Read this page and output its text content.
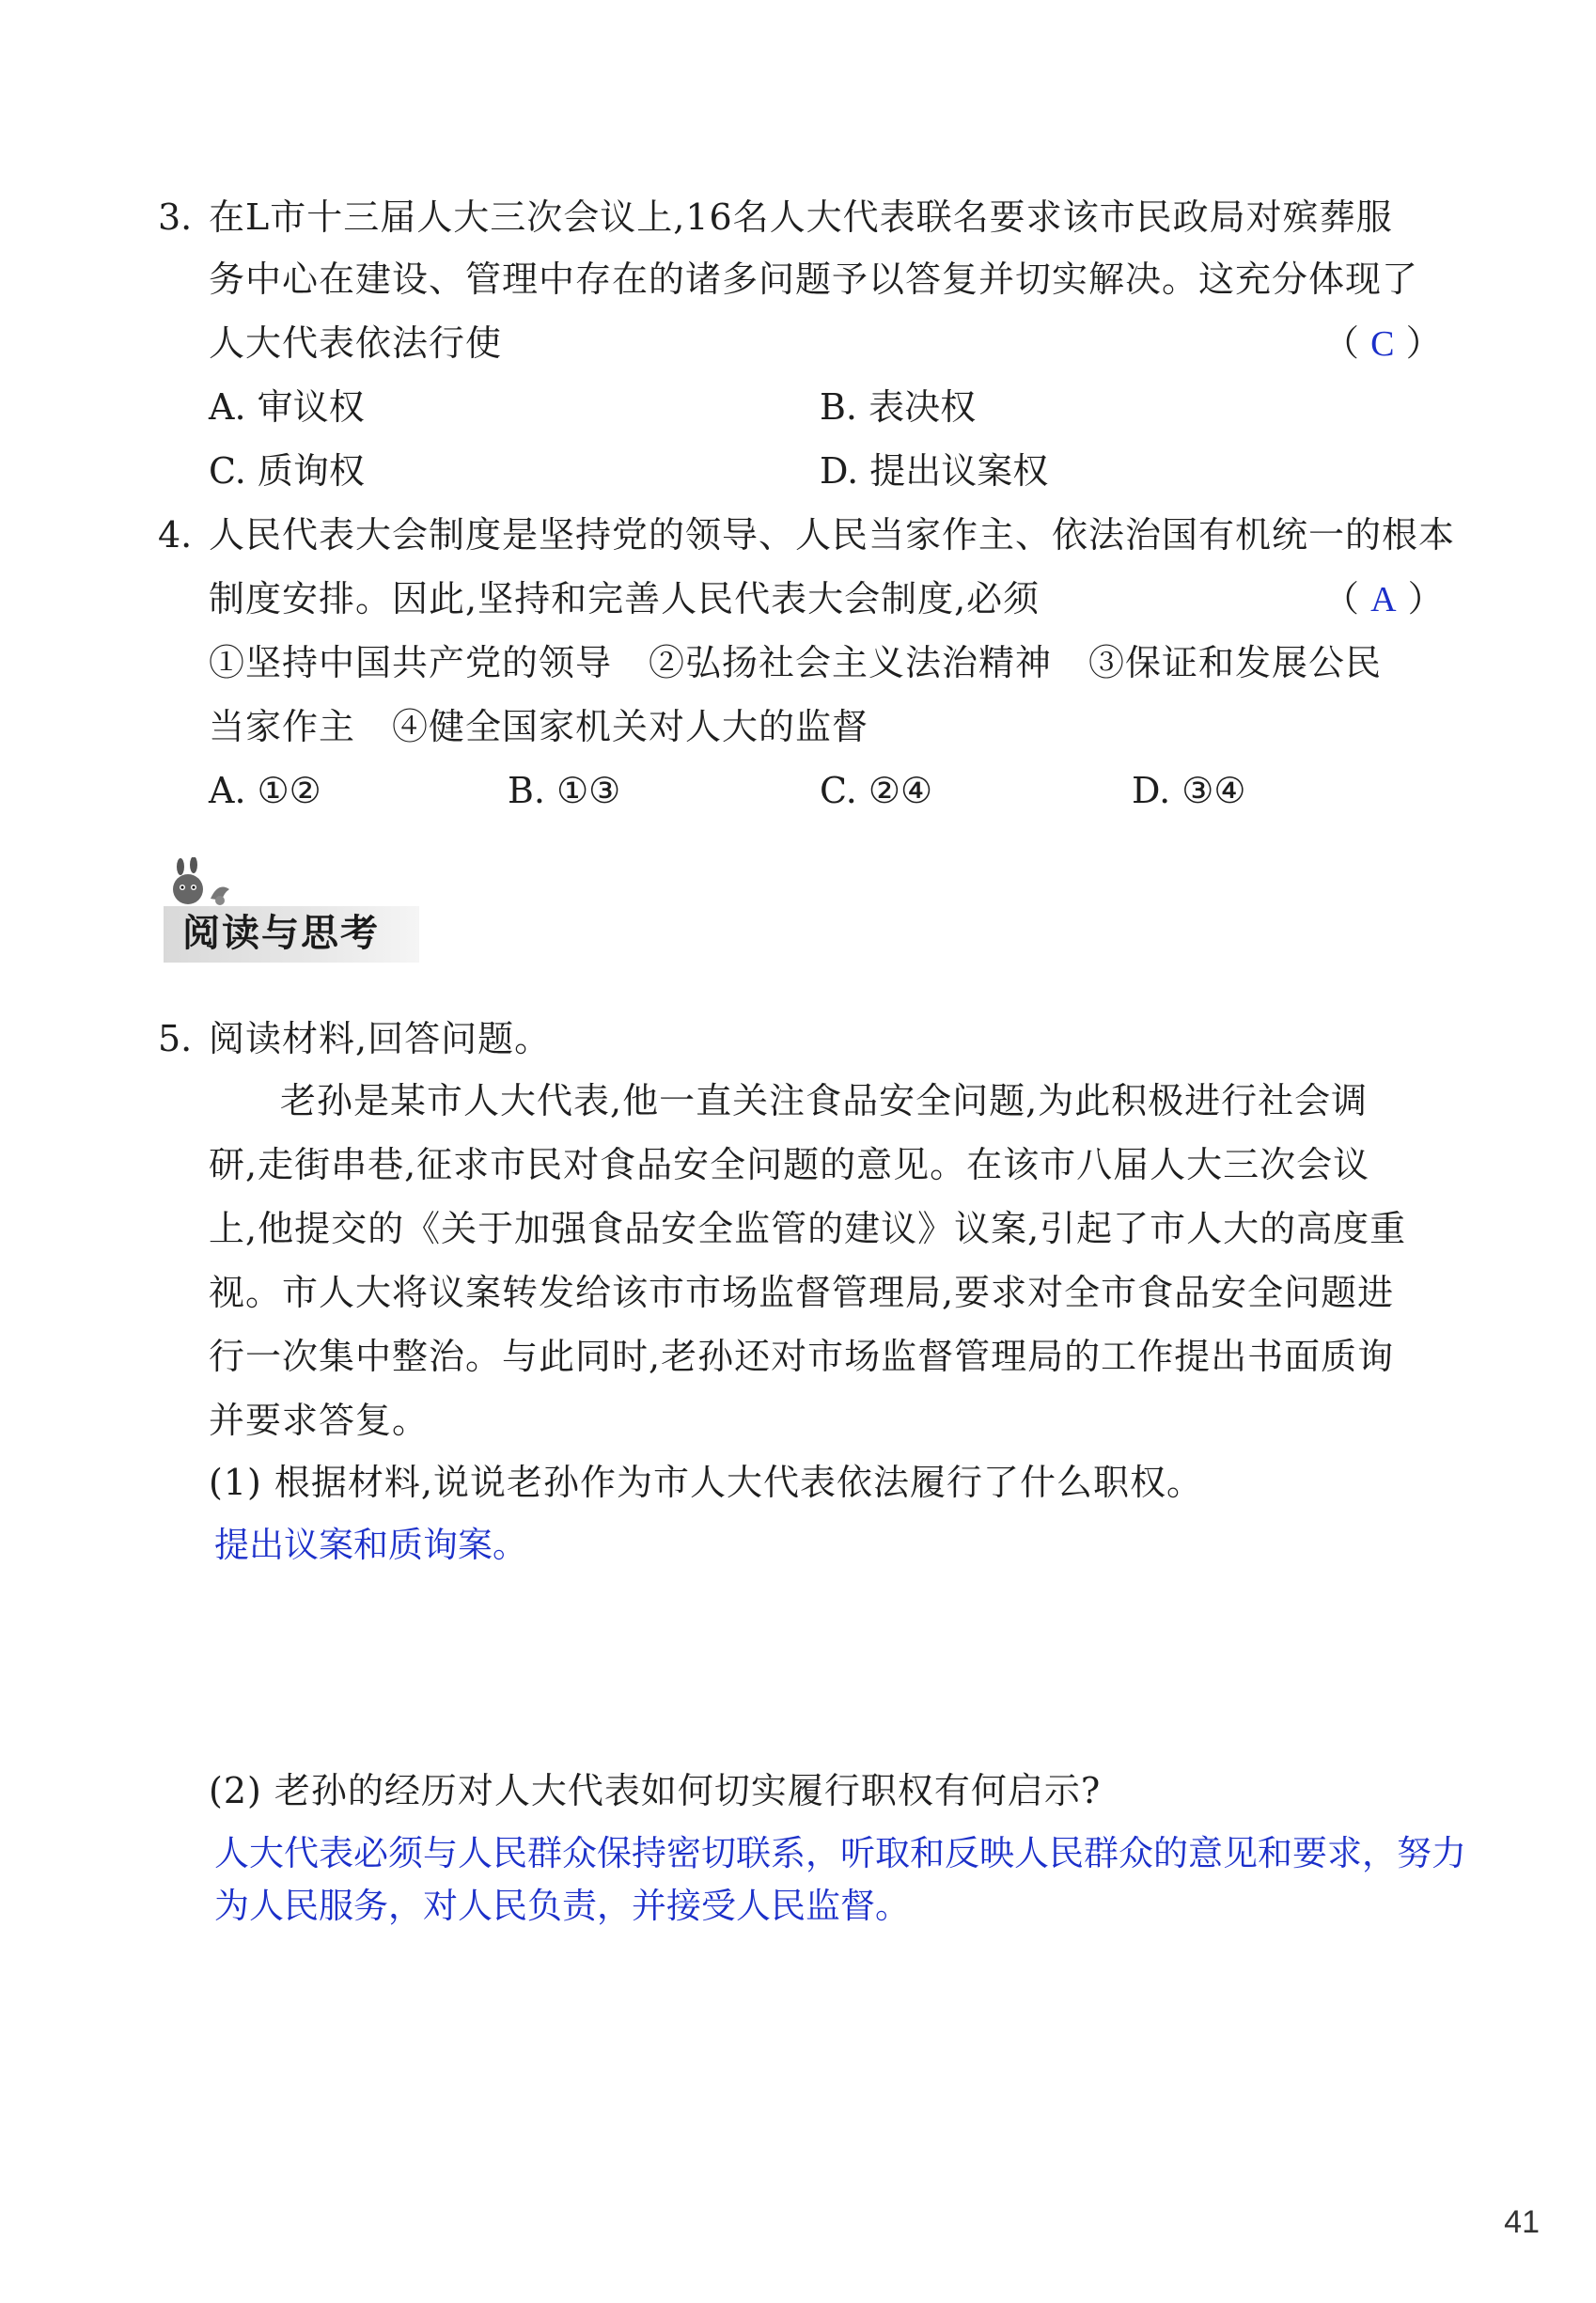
3. 在L市十三届人大三次会议上,16名人大代表联名要求该市民政局对殡葬服
务中心在建设、管理中存在的诸多问题予以答复并切实解决。这充分体现了
人大代表依法行使	（ C ）
A. 审议权	B. 表决权
C. 质询权	D. 提出议案权
4. 人民代表大会制度是坚持党的领导、人民当家作主、依法治国有机统一的根本
制度安排。因此,坚持和完善人民代表大会制度,必须	（ A ）
①坚持中国共产党的领导　②弘扬社会主义法治精神　③保证和发展公民
当家作主　④健全国家机关对人大的监督
A. ①②	B. ①③	C. ②④	D. ③④
阅读与思考
5. 阅读材料,回答问题。
老孙是某市人大代表,他一直关注食品安全问题,为此积极进行社会调
研,走街串巷,征求市民对食品安全问题的意见。在该市八届人大三次会议
上,他提交的《关于加强食品安全监管的建议》议案,引起了市人大的高度重
视。市人大将议案转发给该市市场监督管理局,要求对全市食品安全问题进
行一次集中整治。与此同时,老孙还对市场监督管理局的工作提出书面质询
并要求答复。
(1) 根据材料,说说老孙作为市人大代表依法履行了什么职权。
提出议案和质询案。
(2) 老孙的经历对人大代表如何切实履行职权有何启示?
人大代表必须与人民群众保持密切联系，听取和反映人民群众的意见和要求，努力
为人民服务，对人民负责，并接受人民监督。
41
